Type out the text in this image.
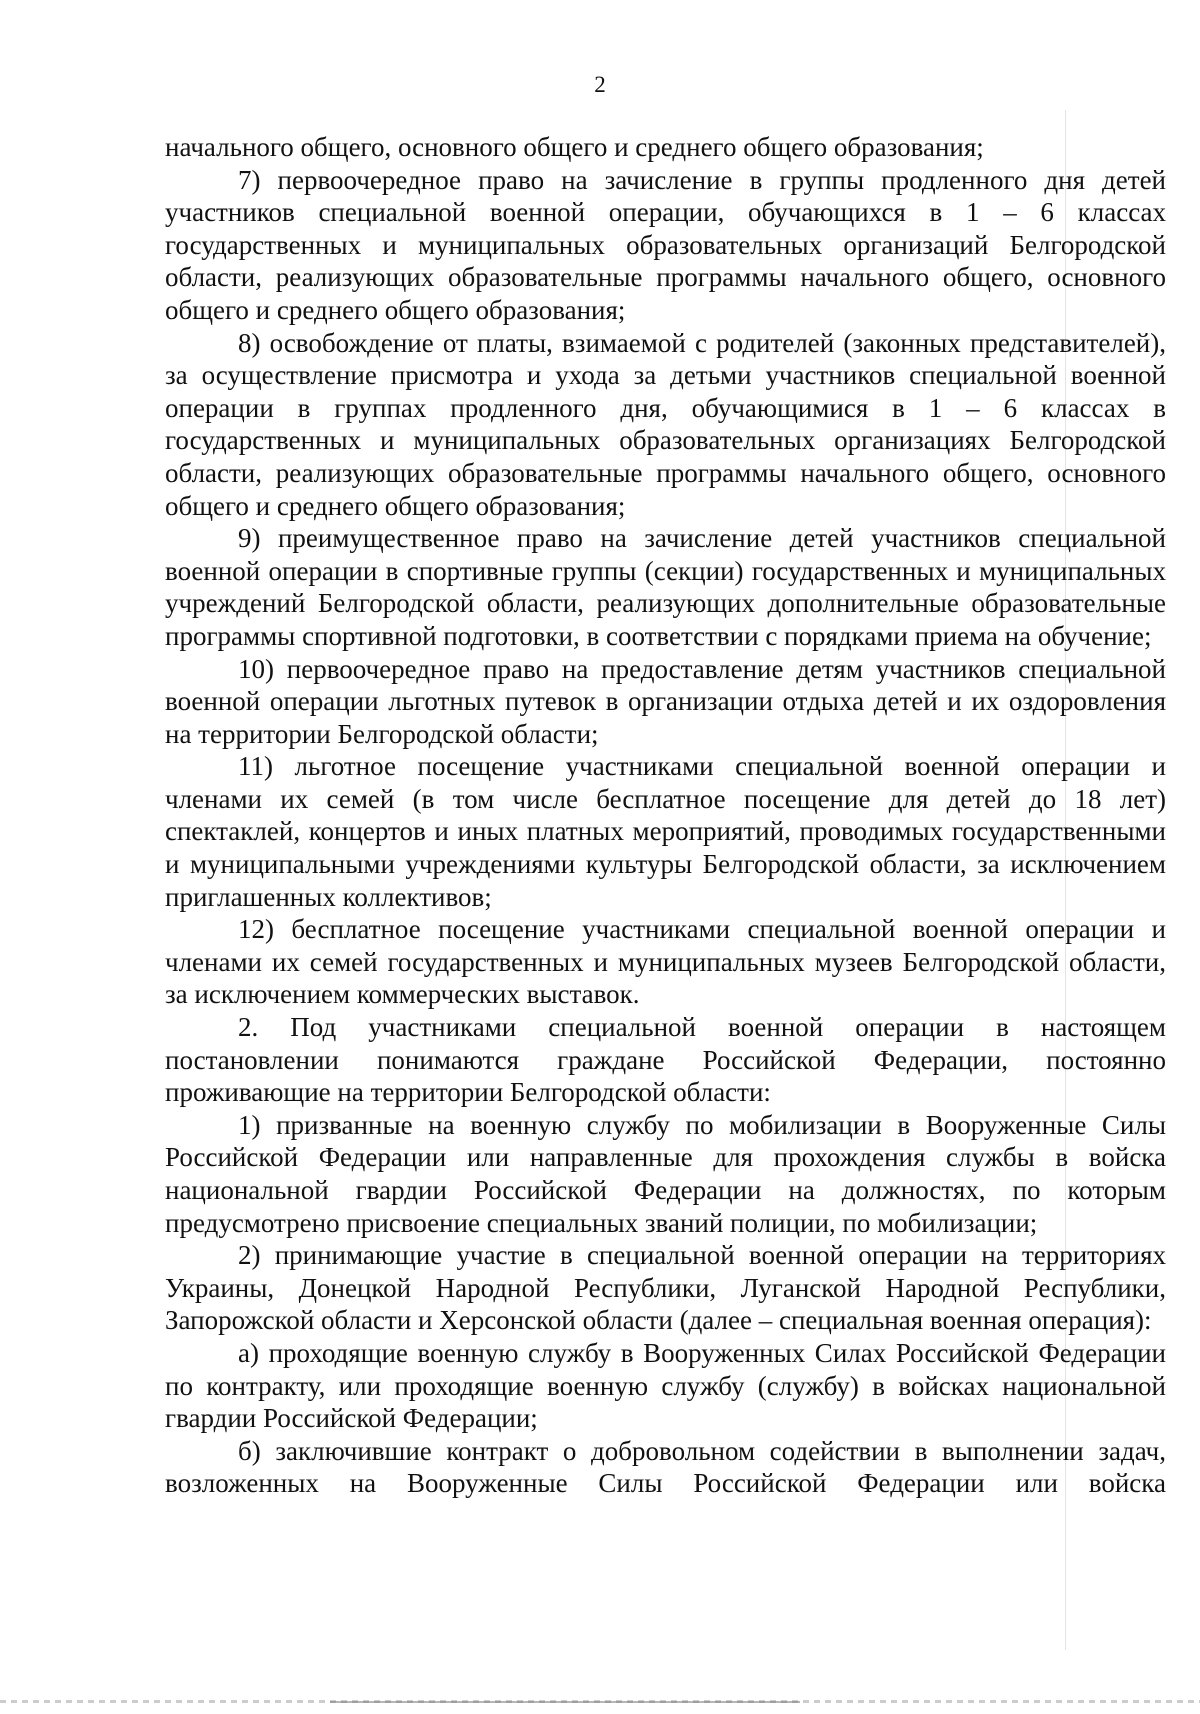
2

начального общего, основного общего и среднего общего образования;

7) первоочередное право на зачисление в группы продленного дня детей участников специальной военной операции, обучающихся в 1 – 6 классах государственных и муниципальных образовательных организаций Белгородской области, реализующих образовательные программы начального общего, основного общего и среднего общего образования;

8) освобождение от платы, взимаемой с родителей (законных представителей), за осуществление присмотра и ухода за детьми участников специальной военной операции в группах продленного дня, обучающимися в 1 – 6 классах в государственных и муниципальных образовательных организациях Белгородской области, реализующих образовательные программы начального общего, основного общего и среднего общего образования;

9) преимущественное право на зачисление детей участников специальной военной операции в спортивные группы (секции) государственных и муниципальных учреждений Белгородской области, реализующих дополнительные образовательные программы спортивной подготовки, в соответствии с порядками приема на обучение;

10) первоочередное право на предоставление детям участников специальной военной операции льготных путевок в организации отдыха детей и их оздоровления на территории Белгородской области;

11) льготное посещение участниками специальной военной операции и членами их семей (в том числе бесплатное посещение для детей до 18 лет) спектаклей, концертов и иных платных мероприятий, проводимых государственными и муниципальными учреждениями культуры Белгородской области, за исключением приглашенных коллективов;

12) бесплатное посещение участниками специальной военной операции и членами их семей государственных и муниципальных музеев Белгородской области, за исключением коммерческих выставок.

2. Под участниками специальной военной операции в настоящем постановлении понимаются граждане Российской Федерации, постоянно проживающие на территории Белгородской области:

1) призванные на военную службу по мобилизации в Вооруженные Силы Российской Федерации или направленные для прохождения службы в войска национальной гвардии Российской Федерации на должностях, по которым предусмотрено присвоение специальных званий полиции, по мобилизации;

2) принимающие участие в специальной военной операции на территориях Украины, Донецкой Народной Республики, Луганской Народной Республики, Запорожской области и Херсонской области (далее – специальная военная операция):

а) проходящие военную службу в Вооруженных Силах Российской Федерации по контракту, или проходящие военную службу (службу) в войсках национальной гвардии Российской Федерации;

б) заключившие контракт о добровольном содействии в выполнении задач, возложенных на Вооруженные Силы Российской Федерации или войска
